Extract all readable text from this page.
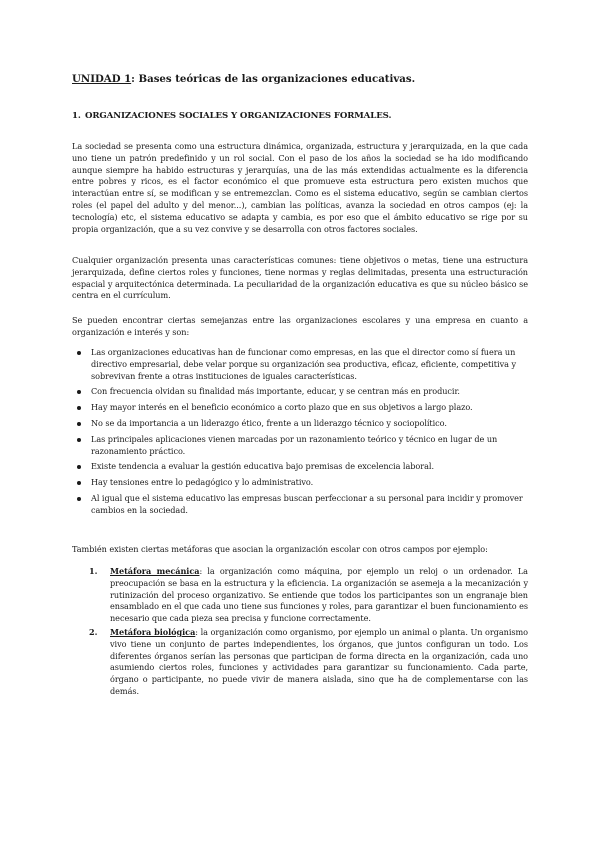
UNIDAD 1: Bases teóricas de las organizaciones educativas.
1. ORGANIZACIONES SOCIALES Y ORGANIZACIONES FORMALES.

La sociedad se presenta como una estructura dinámica, organizada, estructura y jerarquizada, en la que cada uno tiene un patrón predefinido y un rol social. Con el paso de los años la sociedad se ha ido modificando aunque siempre ha habido estructuras y jerarquías, una de las más extendidas actualmente es la diferencia entre pobres y ricos, es el factor económico el que promueve esta estructura pero existen muchos que interactúan entre sí, se modifican y se entremezclan. Como es el sistema educativo, según se cambian ciertos roles (el papel del adulto y del menor...), cambian las políticas, avanza la sociedad en otros campos (ej: la tecnología) etc, el sistema educativo se adapta y cambia, es por eso que el ámbito educativo se rige por su propia organización, que a su vez convive y se desarrolla con otros factores sociales.

Cualquier organización presenta unas características comunes: tiene objetivos o metas, tiene una estructura jerarquizada, define ciertos roles y funciones, tiene normas y reglas delimitadas, presenta una estructuración espacial y arquitectónica determinada. La peculiaridad de la organización educativa es que su núcleo básico se centra en el currículum.

Se pueden encontrar ciertas semejanzas entre las organizaciones escolares y una empresa en cuanto a organización e interés y son:

Las organizaciones educativas han de funcionar como empresas, en las que el director como sí fuera un directivo empresarial, debe velar porque su organización sea productiva, eficaz, eficiente, competitiva y sobrevivan frente a otras instituciones de iguales características.
Con frecuencia olvidan su finalidad más importante, educar, y se centran más en producir.
Hay mayor interés en el beneficio económico a corto plazo que en sus objetivos a largo plazo.
No se da importancia a un liderazgo ético, frente a un liderazgo técnico y sociopolítico.
Las principales aplicaciones vienen marcadas por un razonamiento teórico y técnico en lugar de un razonamiento práctico.
Existe tendencia a evaluar la gestión educativa bajo premisas de excelencia laboral.
Hay tensiones entre lo pedagógico y lo administrativo.
Al igual que el sistema educativo las empresas buscan perfeccionar a su personal para incidir y promover cambios en la sociedad.

También existen ciertas metáforas que asocian la organización escolar con otros campos por ejemplo:

1. Metáfora mecánica: la organización como máquina, por ejemplo un reloj o un ordenador. La preocupación se basa en la estructura y la eficiencia. La organización se asemeja a la mecanización y rutinización del proceso organizativo. Se entiende que todos los participantes son un engranaje bien ensamblado en el que cada uno tiene sus funciones y roles, para garantizar el buen funcionamiento es necesario que cada pieza sea precisa y funcione correctamente.
2. Metáfora biológica: la organización como organismo, por ejemplo un animal o planta. Un organismo vivo tiene un conjunto de partes independientes, los órganos, que juntos configuran un todo. Los diferentes órganos serían las personas que participan de forma directa en la organización, cada uno asumiendo ciertos roles, funciones y actividades para garantizar su funcionamiento. Cada parte, órgano o participante, no puede vivir de manera aislada, sino que ha de complementarse con las demás.
